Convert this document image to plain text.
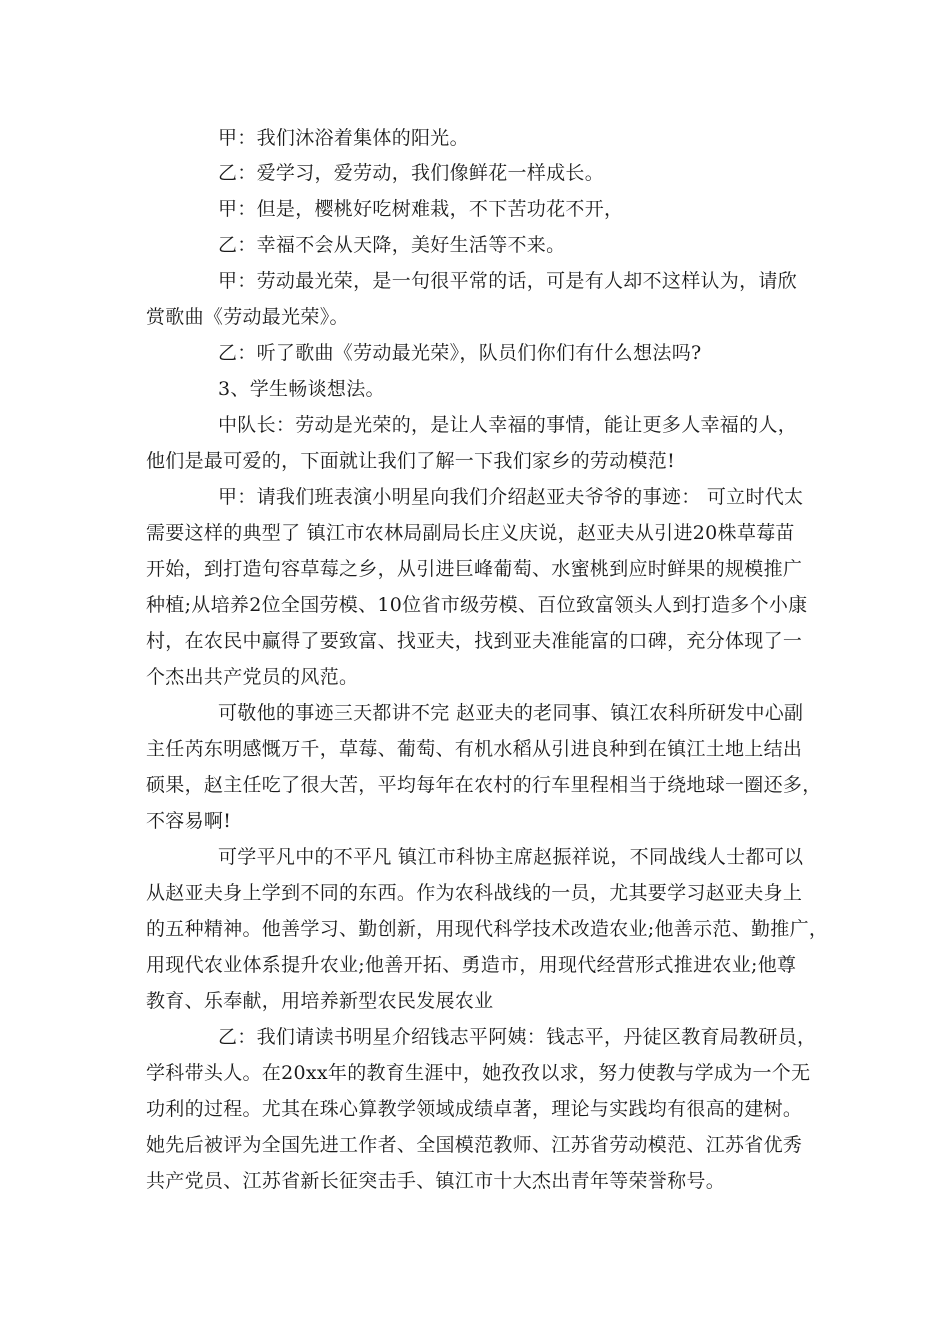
甲：我们沐浴着集体的阳光。
乙：爱学习，爱劳动，我们像鲜花一样成长。
甲：但是，樱桃好吃树难栽，不下苦功花不开，
乙：幸福不会从天降，美好生活等不来。
甲：劳动最光荣，是一句很平常的话，可是有人却不这样认为，请欣
赏歌曲《劳动最光荣》。
乙：听了歌曲《劳动最光荣》，队员们你们有什么想法吗?
3、学生畅谈想法。
中队长：劳动是光荣的，是让人幸福的事情，能让更多人幸福的人，
他们是最可爱的，下面就让我们了解一下我们家乡的劳动模范!
甲：请我们班表演小明星向我们介绍赵亚夫爷爷的事迹： 可立时代太
需要这样的典型了 镇江市农林局副局长庄义庆说，赵亚夫从引进20株草莓苗
开始，到打造句容草莓之乡，从引进巨峰葡萄、水蜜桃到应时鲜果的规模推广
种植;从培养2位全国劳模、10位省市级劳模、百位致富领头人到打造多个小康
村，在农民中赢得了要致富、找亚夫，找到亚夫准能富的口碑，充分体现了一
个杰出共产党员的风范。
可敬他的事迹三天都讲不完 赵亚夫的老同事、镇江农科所研发中心副
主任芮东明感慨万千，草莓、葡萄、有机水稻从引进良种到在镇江土地上结出
硕果，赵主任吃了很大苦，平均每年在农村的行车里程相当于绕地球一圈还多，
不容易啊!
可学平凡中的不平凡 镇江市科协主席赵振祥说，不同战线人士都可以
从赵亚夫身上学到不同的东西。作为农科战线的一员，尤其要学习赵亚夫身上
的五种精神。他善学习、勤创新，用现代科学技术改造农业;他善示范、勤推广，
用现代农业体系提升农业;他善开拓、勇造市，用现代经营形式推进农业;他尊
教育、乐奉献，用培养新型农民发展农业
乙：我们请读书明星介绍钱志平阿姨：钱志平，丹徒区教育局教研员，
学科带头人。在20xx年的教育生涯中，她孜孜以求，努力使教与学成为一个无
功利的过程。尤其在珠心算教学领域成绩卓著，理论与实践均有很高的建树。
她先后被评为全国先进工作者、全国模范教师、江苏省劳动模范、江苏省优秀
共产党员、江苏省新长征突击手、镇江市十大杰出青年等荣誉称号。
